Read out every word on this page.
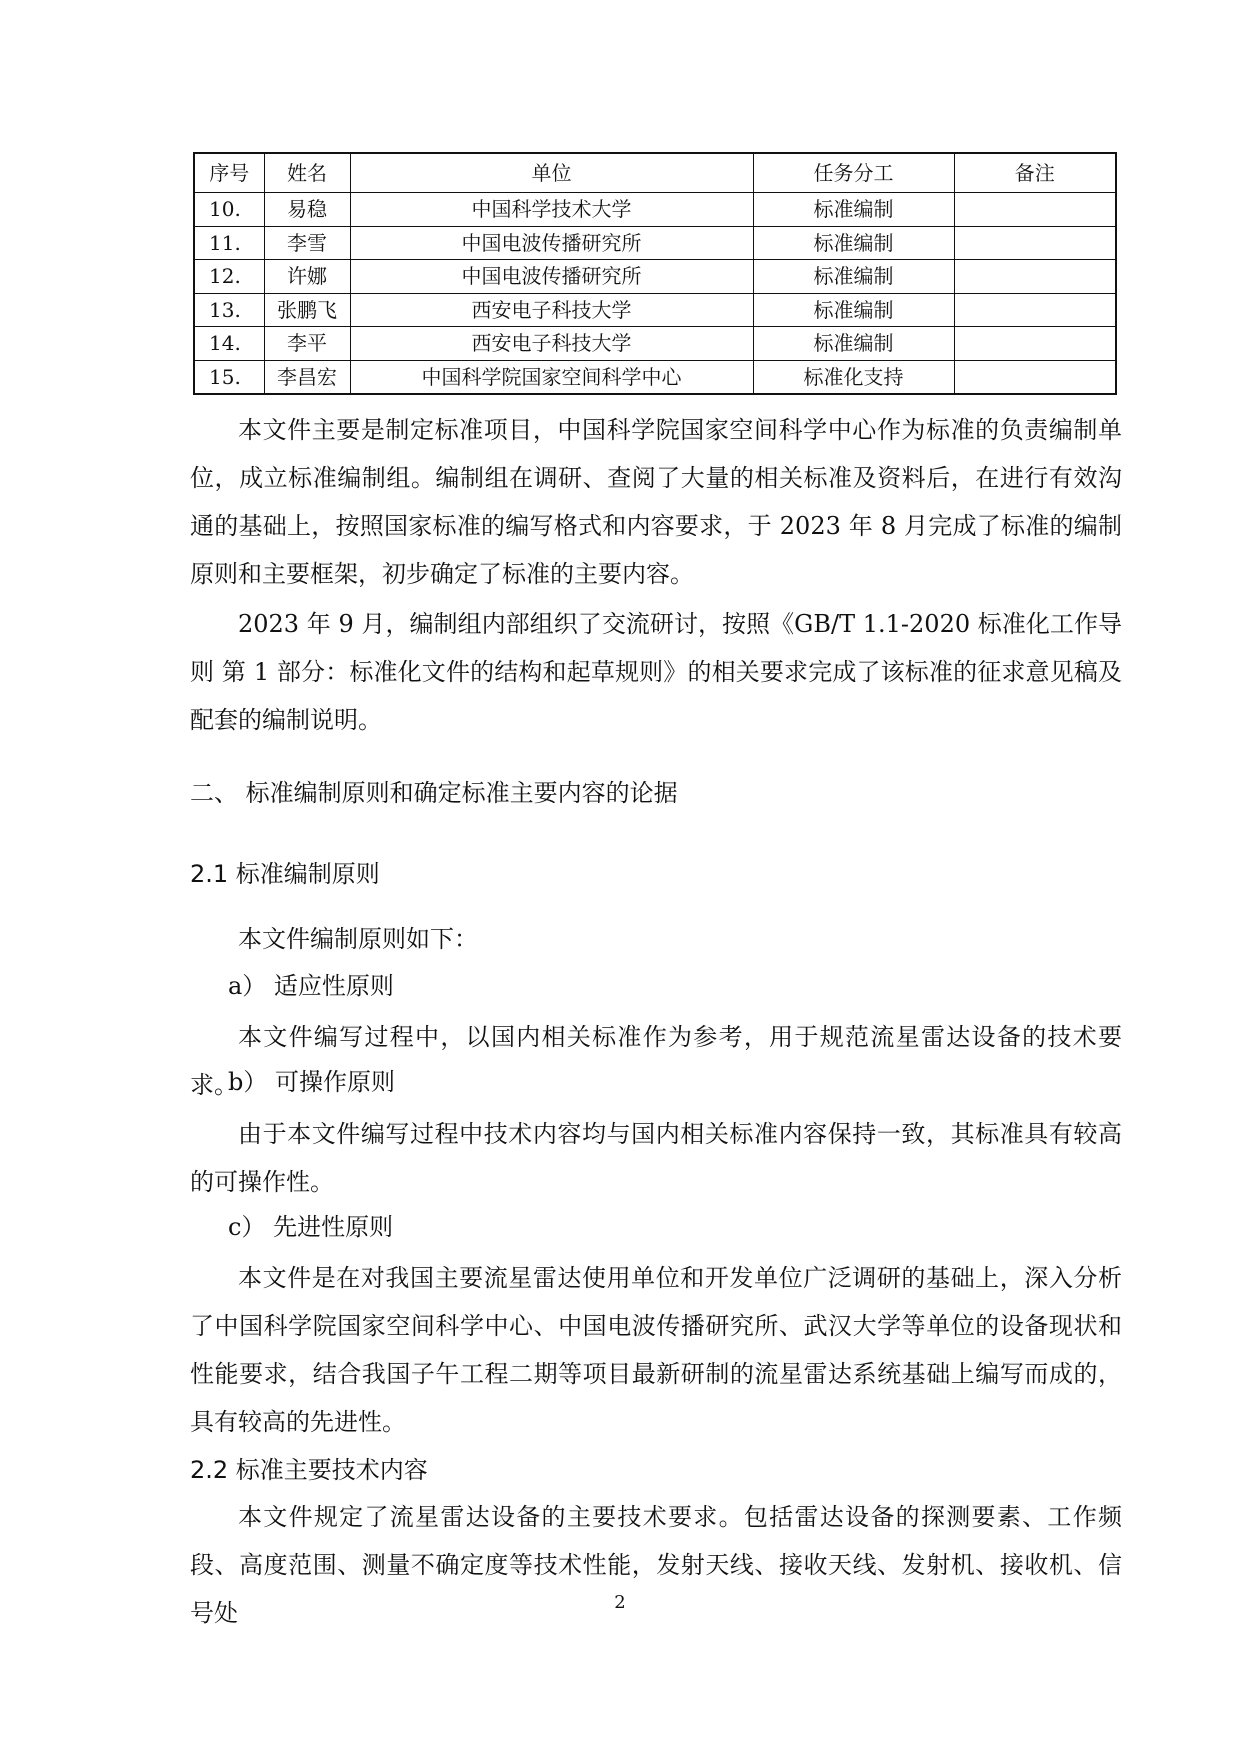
序号	姓名	单位	任务分工	备注
10.	易稳	中国科学技术大学	标准编制	
11.	李雪	中国电波传播研究所	标准编制	
12.	许娜	中国电波传播研究所	标准编制	
13.	张鹏飞	西安电子科技大学	标准编制	
14.	李平	西安电子科技大学	标准编制	
15.	李昌宏	中国科学院国家空间科学中心	标准化支持	

本文件主要是制定标准项目，中国科学院国家空间科学中心作为标准的负责编制单位，成立标准编制组。编制组在调研、查阅了大量的相关标准及资料后，在进行有效沟通的基础上，按照国家标准的编写格式和内容要求，于 2023 年 8 月完成了标准的编制原则和主要框架，初步确定了标准的主要内容。

2023 年 9 月，编制组内部组织了交流研讨，按照《GB/T 1.1-2020 标准化工作导则 第 1 部分：标准化文件的结构和起草规则》的相关要求完成了该标准的征求意见稿及配套的编制说明。

二、 标准编制原则和确定标准主要内容的论据

2.1 标准编制原则

本文件编制原则如下：

a） 适应性原则

本文件编写过程中，以国内相关标准作为参考，用于规范流星雷达设备的技术要求。

b） 可操作原则

由于本文件编写过程中技术内容均与国内相关标准内容保持一致，其标准具有较高的可操作性。

c） 先进性原则

本文件是在对我国主要流星雷达使用单位和开发单位广泛调研的基础上，深入分析了中国科学院国家空间科学中心、中国电波传播研究所、武汉大学等单位的设备现状和性能要求，结合我国子午工程二期等项目最新研制的流星雷达系统基础上编写而成的，具有较高的先进性。

2.2 标准主要技术内容

本文件规定了流星雷达设备的主要技术要求。包括雷达设备的探测要素、工作频段、高度范围、测量不确定度等技术性能，发射天线、接收天线、发射机、接收机、信号处	2
